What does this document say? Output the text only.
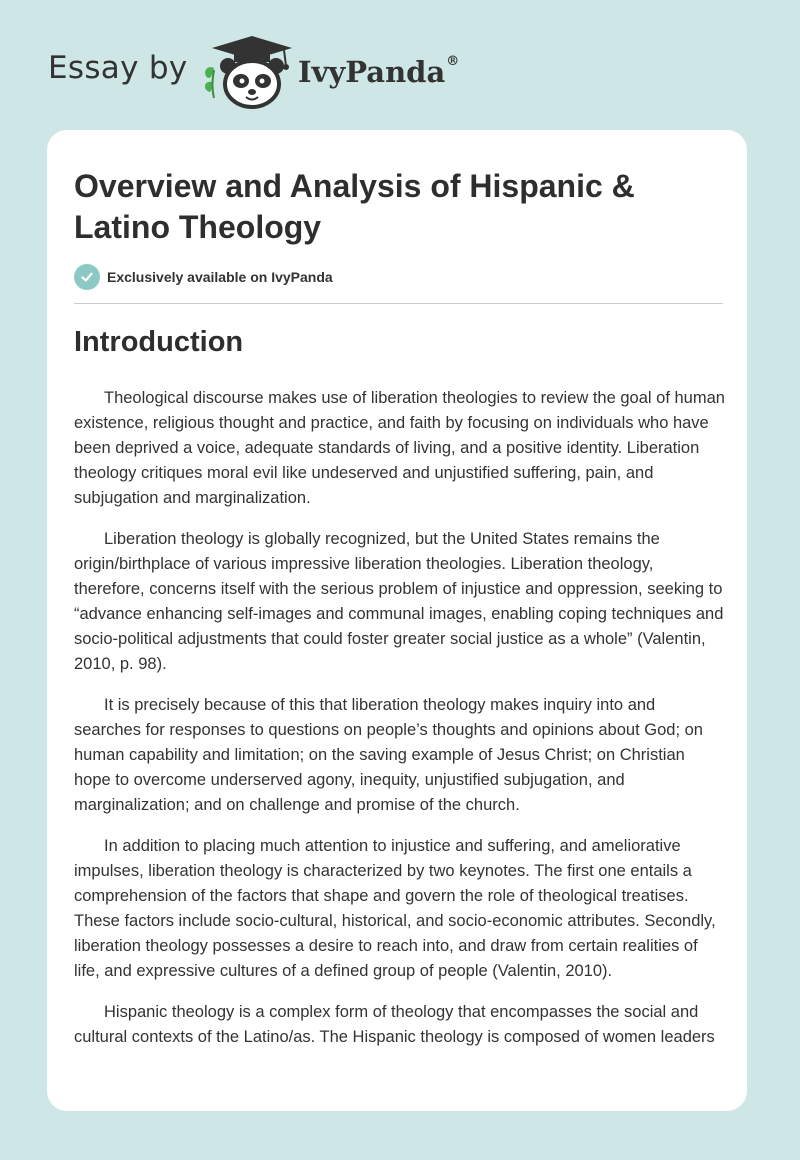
Essay by	IvyPanda®
Overview and Analysis of Hispanic & Latino Theology
Exclusively available on IvyPanda
Introduction

Theological discourse makes use of liberation theologies to review the goal of human existence, religious thought and practice, and faith by focusing on individuals who have been deprived a voice, adequate standards of living, and a positive identity. Liberation theology critiques moral evil like undeserved and unjustified suffering, pain, and subjugation and marginalization.

Liberation theology is globally recognized, but the United States remains the origin/birthplace of various impressive liberation theologies. Liberation theology, therefore, concerns itself with the serious problem of injustice and oppression, seeking to “advance enhancing self-images and communal images, enabling coping techniques and socio-political adjustments that could foster greater social justice as a whole” (Valentin, 2010, p. 98).

It is precisely because of this that liberation theology makes inquiry into and searches for responses to questions on people’s thoughts and opinions about God; on human capability and limitation; on the saving example of Jesus Christ; on Christian hope to overcome underserved agony, inequity, unjustified subjugation, and marginalization; and on challenge and promise of the church.

In addition to placing much attention to injustice and suffering, and ameliorative impulses, liberation theology is characterized by two keynotes. The first one entails a comprehension of the factors that shape and govern the role of theological treatises. These factors include socio-cultural, historical, and socio-economic attributes. Secondly, liberation theology possesses a desire to reach into, and draw from certain realities of life, and expressive cultures of a defined group of people (Valentin, 2010).

Hispanic theology is a complex form of theology that encompasses the social and cultural contexts of the Latino/as. The Hispanic theology is composed of women leaders
